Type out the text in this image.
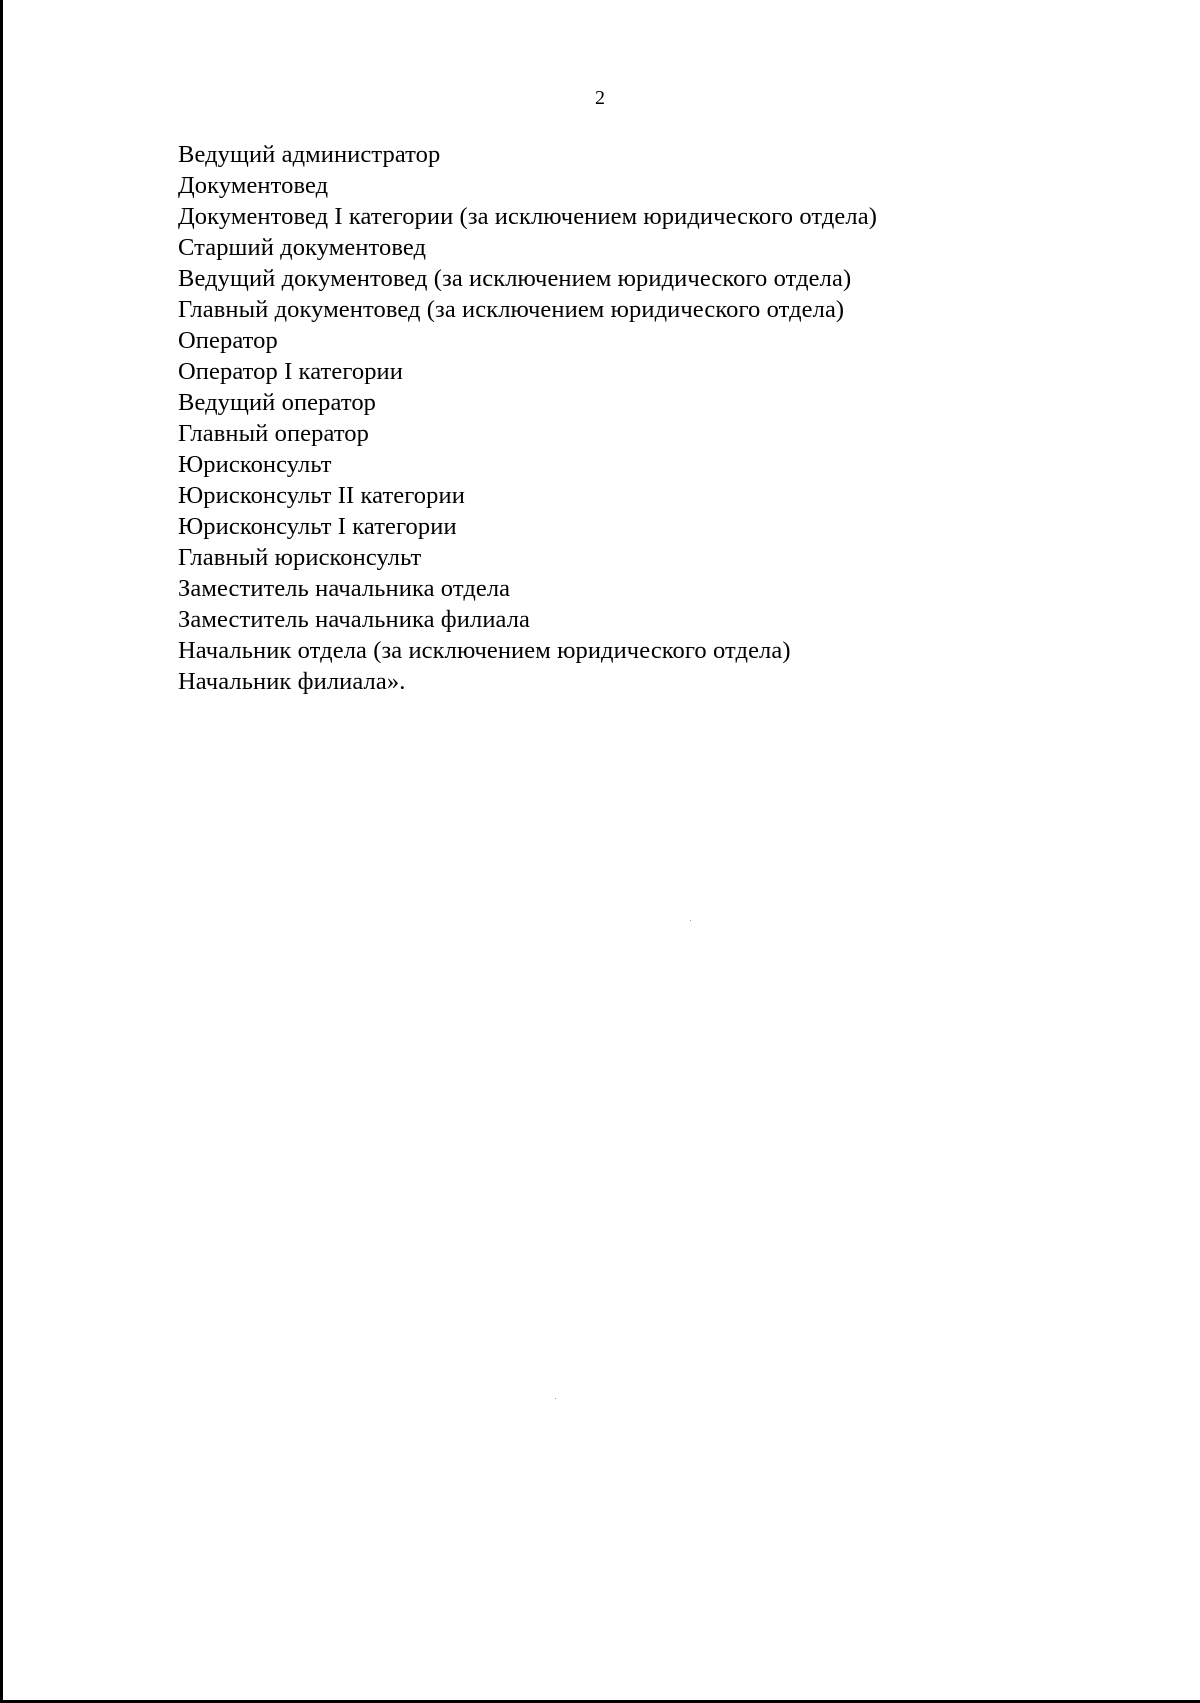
2
Ведущий администратор
Документовед
Документовед I категории (за исключением юридического отдела)
Старший документовед
Ведущий документовед (за исключением юридического отдела)
Главный документовед (за исключением юридического отдела)
Оператор
Оператор I категории
Ведущий оператор
Главный оператор
Юрисконсульт
Юрисконсульт II категории
Юрисконсульт I категории
Главный юрисконсульт
Заместитель начальника отдела
Заместитель начальника филиала
Начальник отдела (за исключением юридического отдела)
Начальник филиала».
